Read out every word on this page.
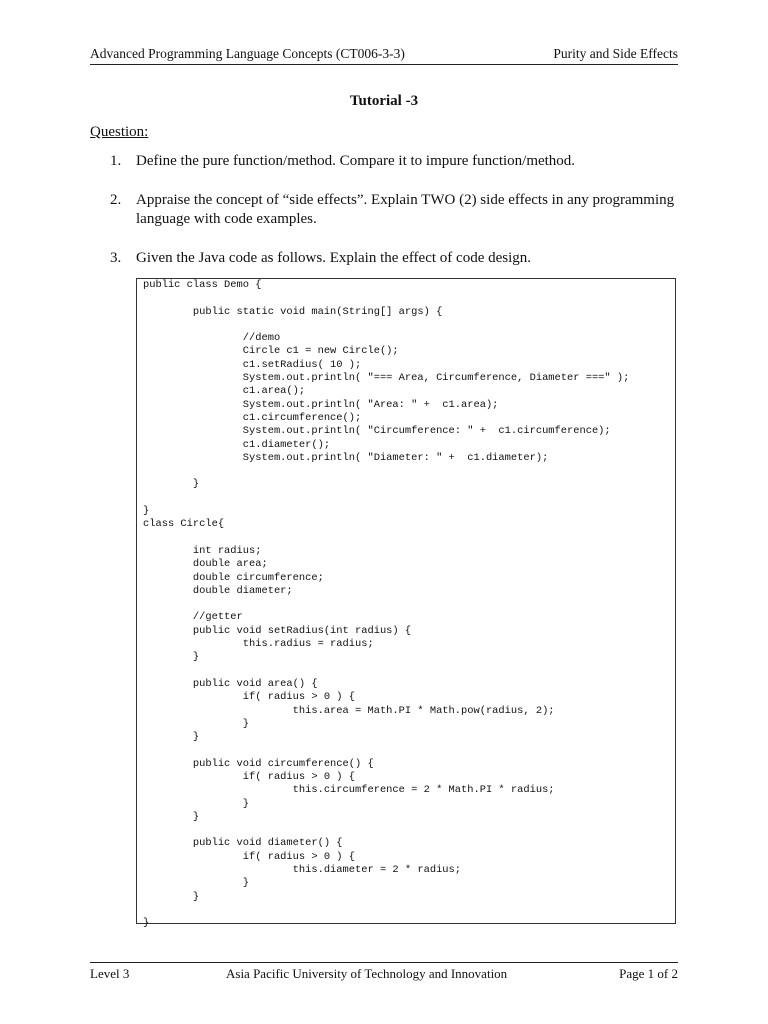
Advanced Programming Language Concepts (CT006-3-3)	Purity and Side Effects
Tutorial -3
Question:
1. Define the pure function/method. Compare it to impure function/method.
2. Appraise the concept of “side effects”. Explain TWO (2) side effects in any programming language with code examples.
3. Given the Java code as follows. Explain the effect of code design.
public class Demo {

public static void main(String[] args) {

//demo
Circle c1 = new Circle();
c1.setRadius( 10 );
System.out.println( "=== Area, Circumference, Diameter ===" );
c1.area();
System.out.println( "Area: " +  c1.area);
c1.circumference();
System.out.println( "Circumference: " +  c1.circumference);
c1.diameter();
System.out.println( "Diameter: " +  c1.diameter);

}

}
class Circle{

int radius;
double area;
double circumference;
double diameter;

//getter
public void setRadius(int radius) {
this.radius = radius;
}

public void area() {
if( radius > 0 ) {
this.area = Math.PI * Math.pow(radius, 2);
}
}

public void circumference() {
if( radius > 0 ) {
this.circumference = 2 * Math.PI * radius;
}
}

public void diameter() {
if( radius > 0 ) {
this.diameter = 2 * radius;
}
}

}
Level 3	Asia Pacific University of Technology and Innovation	Page 1 of 2
